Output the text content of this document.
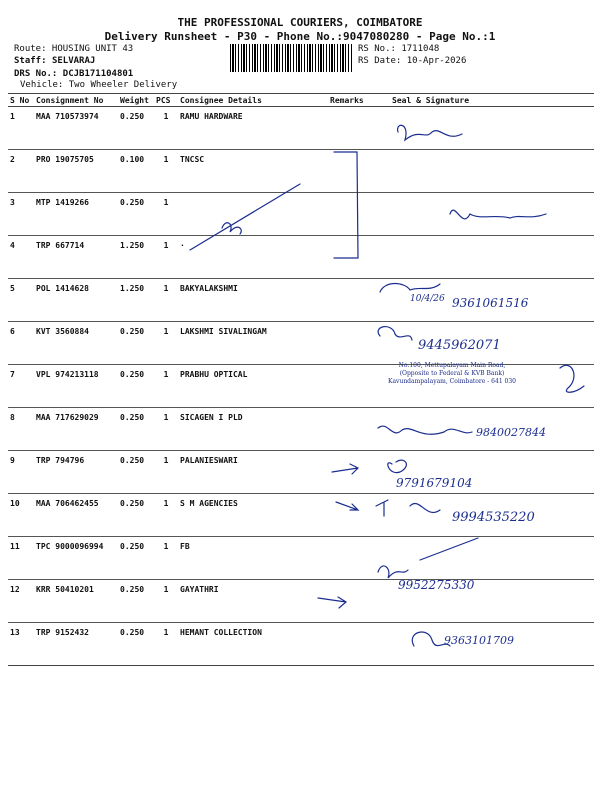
THE PROFESSIONAL COURIERS, COIMBATORE
Delivery Runsheet - P30 - Phone No.:9047080280 - Page No.:1
Route: HOUSING UNIT 43
Staff: SELVARAJ
DRS No.: DCJB171104801
Vehicle: Two Wheeler Delivery
RS No.: 1711048
RS Date: 10-Apr-2026
S No	Consignment No	Weight	PCS	Consignee Details	Remarks	Seal & Signature
1	MAA 710573974	0.250	1	RAMU HARDWARE		
2	PRO 19075705	0.100	1	TNCSC		
3	MTP 1419266	0.250	1			
4	TRP 667714	1.250	1	·		
5	POL 1414628	1.250	1	BAKYALAKSHMI		
6	KVT 3560884	0.250	1	LAKSHMI SIVALINGAM		
7	VPL 974213118	0.250	1	PRABHU OPTICAL		
8	MAA 717629029	0.250	1	SICAGEN I PLD		
9	TRP 794796	0.250	1	PALANIESWARI		
10	MAA 706462455	0.250	1	S M AGENCIES		
11	TPC 9000096994	0.250	1	FB		
12	KRR 50410201	0.250	1	GAYATHRI		
13	TRP 9152432	0.250	1	HEMANT COLLECTION		
No.100, Mettupalayam Main Road,
(Opposite to Federal & KVB Bank)
Kavundampalayam, Coimbatore - 641 030
10/4/26 9361061516
9445962071
9840027844
9791679104
9994535220
9952275330
9363101709
